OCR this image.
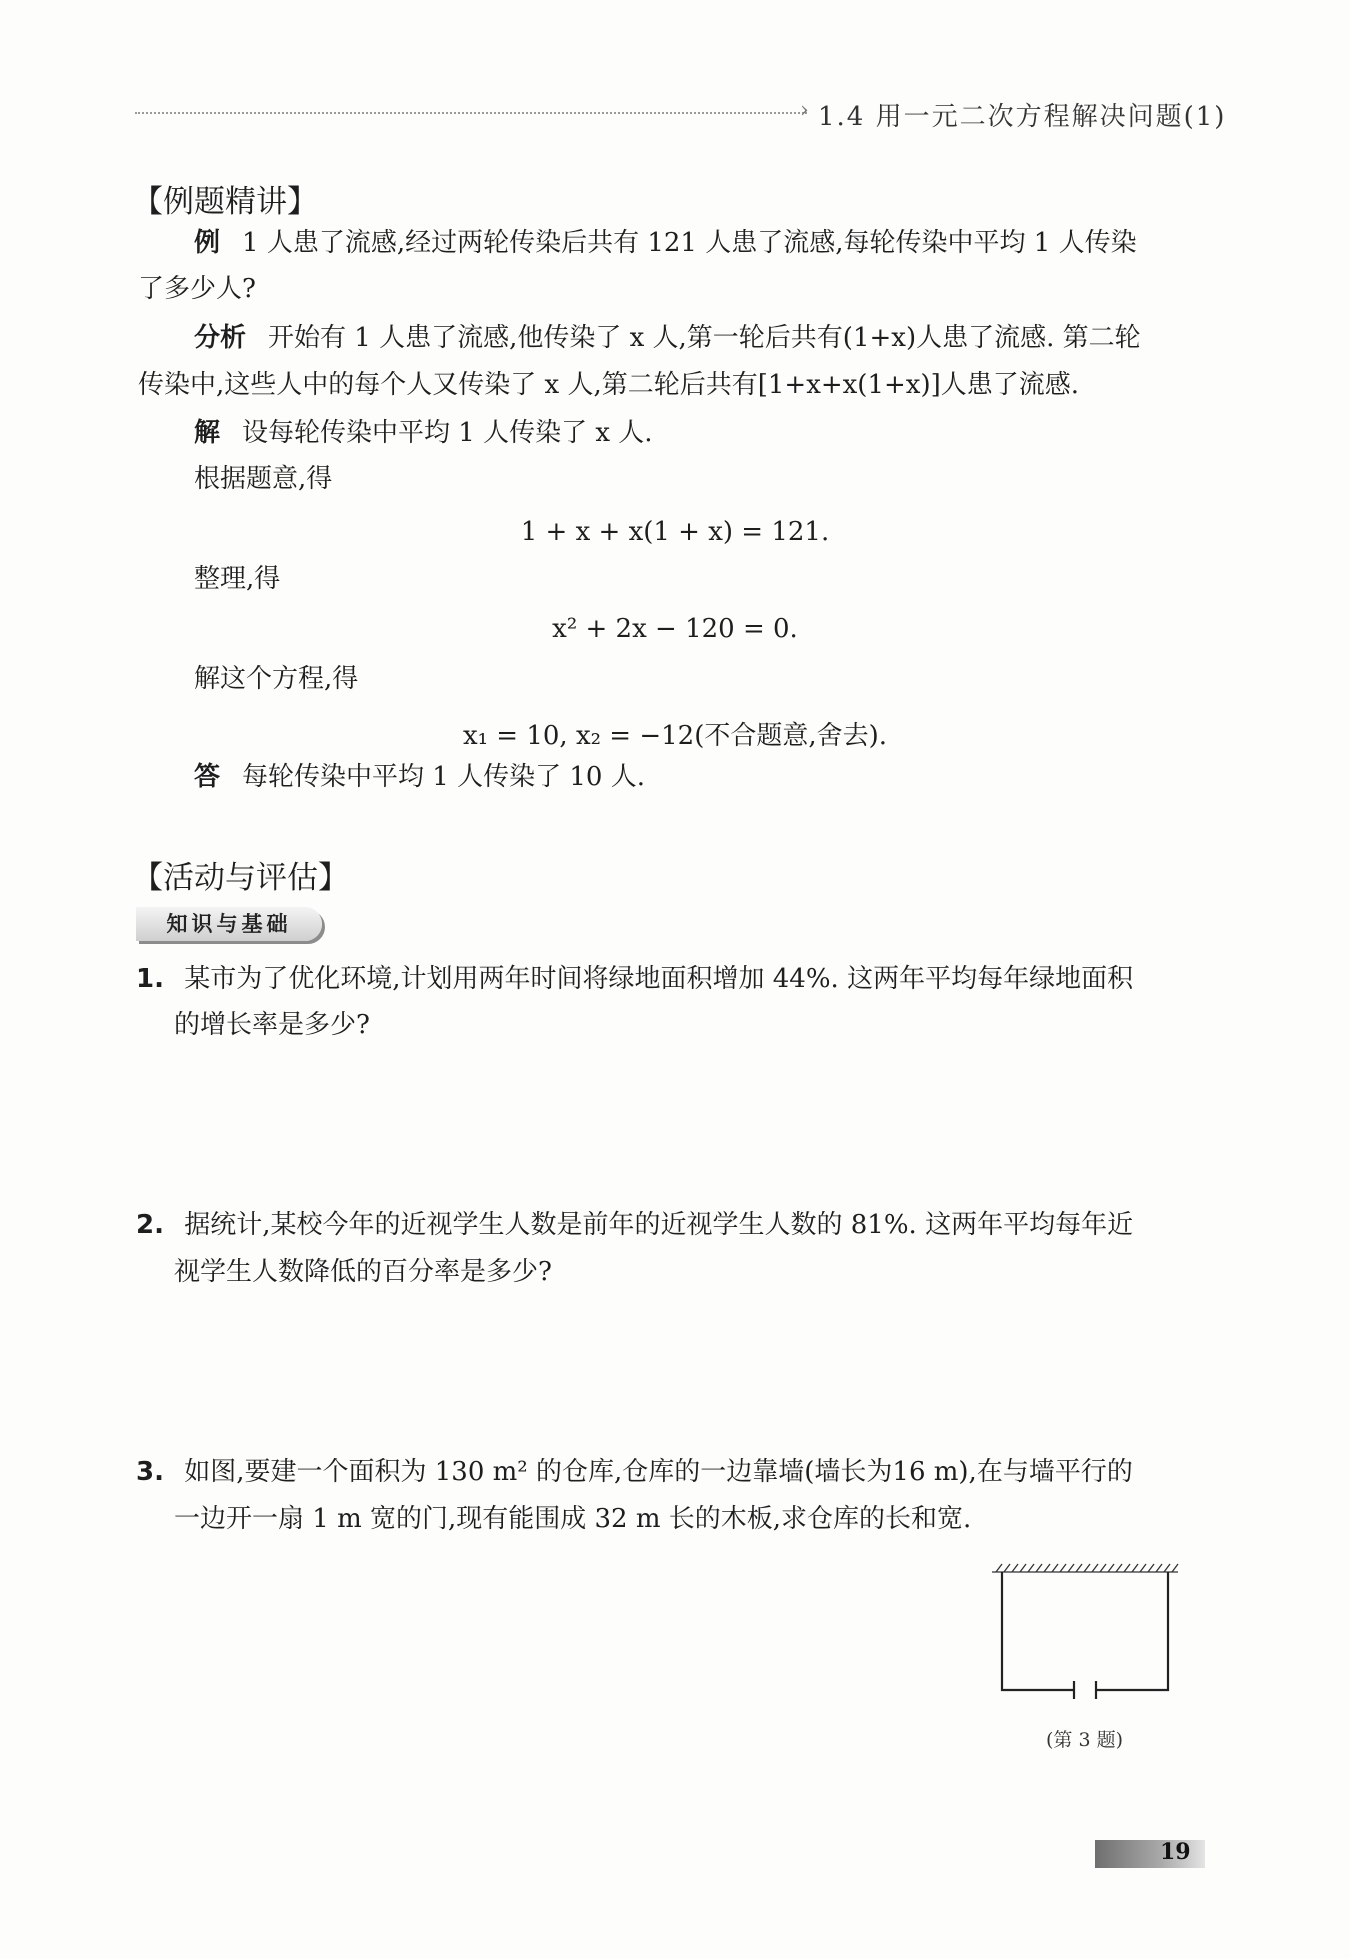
› 1.4 用一元二次方程解决问题(1)
【例题精讲】
例 1 人患了流感,经过两轮传染后共有 121 人患了流感,每轮传染中平均 1 人传染
了多少人?
分析 开始有 1 人患了流感,他传染了 x 人,第一轮后共有(1+x)人患了流感. 第二轮
传染中,这些人中的每个人又传染了 x 人,第二轮后共有[1+x+x(1+x)]人患了流感.
解 设每轮传染中平均 1 人传染了 x 人.
根据题意,得
1 + x + x(1 + x) = 121.
整理,得
x² + 2x − 120 = 0.
解这个方程,得
x₁ = 10, x₂ = −12(不合题意,舍去).
答 每轮传染中平均 1 人传染了 10 人.
【活动与评估】
知识与基础
1. 某市为了优化环境,计划用两年时间将绿地面积增加 44%. 这两年平均每年绿地面积
的增长率是多少?
2. 据统计,某校今年的近视学生人数是前年的近视学生人数的 81%. 这两年平均每年近
视学生人数降低的百分率是多少?
3. 如图,要建一个面积为 130 m² 的仓库,仓库的一边靠墙(墙长为16 m),在与墙平行的
一边开一扇 1 m 宽的门,现有能围成 32 m 长的木板,求仓库的长和宽.
(第 3 题)
19
